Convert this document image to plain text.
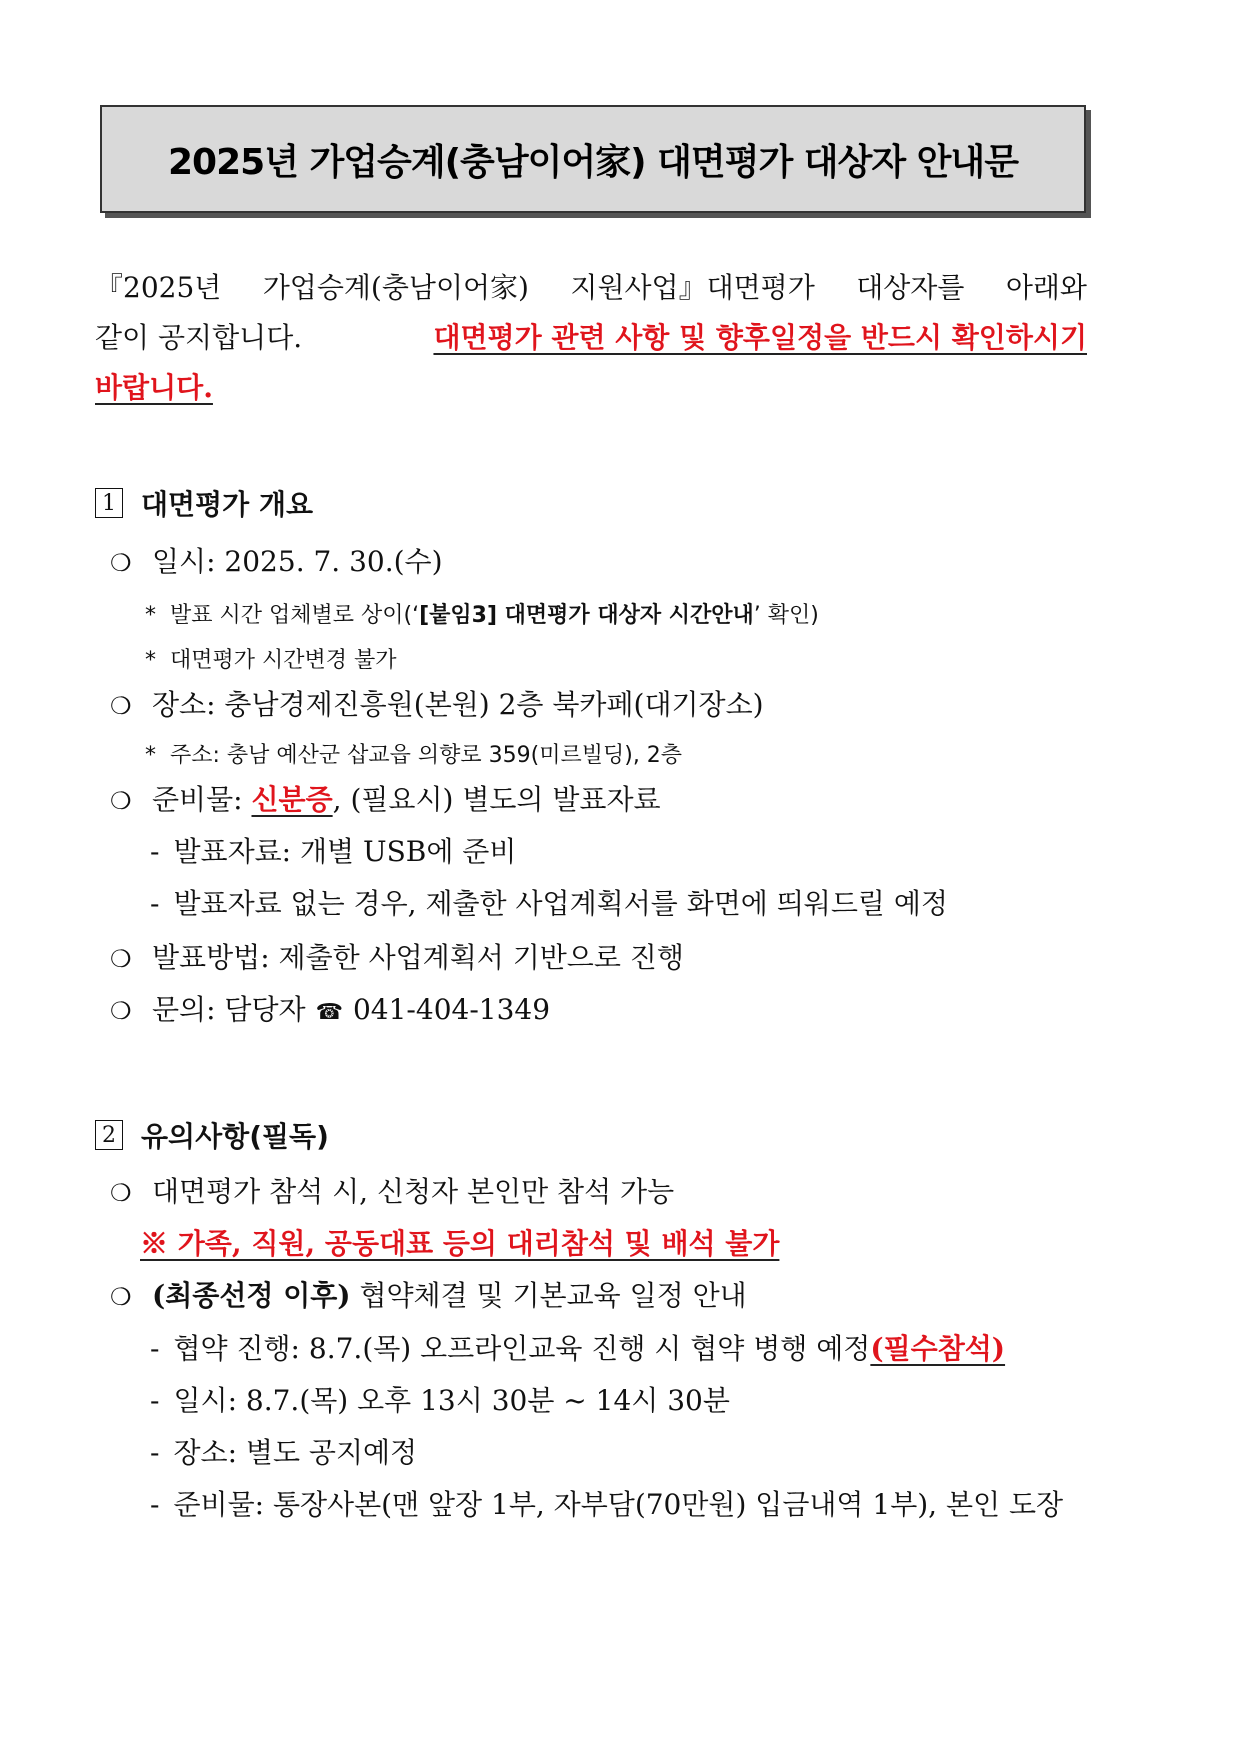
2025년 가업승계(충남이어家) 대면평가 대상자 안내문
『2025년 가업승계(충남이어家) 지원사업』대면평가 대상자를 아래와
같이 공지합니다.	대면평가 관련 사항 및 향후일정을 반드시 확인하시기
바랍니다.
1 대면평가 개요
❍ 일시: 2025. 7. 30.(수)
* 발표 시간 업체별로 상이(‘[붙임3] 대면평가 대상자 시간안내’ 확인)
* 대면평가 시간변경 불가
❍ 장소: 충남경제진흥원(본원) 2층 북카페(대기장소)
* 주소: 충남 예산군 삽교읍 의향로 359(미르빌딩), 2층
❍ 준비물: 신분증, (필요시) 별도의 발표자료
- 발표자료: 개별 USB에 준비
- 발표자료 없는 경우, 제출한 사업계획서를 화면에 띄워드릴 예정
❍ 발표방법: 제출한 사업계획서 기반으로 진행
❍ 문의: 담당자 ☎ 041-404-1349
2 유의사항(필독)
❍ 대면평가 참석 시, 신청자 본인만 참석 가능
※ 가족, 직원, 공동대표 등의 대리참석 및 배석 불가
❍ (최종선정 이후) 협약체결 및 기본교육 일정 안내
- 협약 진행: 8.7.(목) 오프라인교육 진행 시 협약 병행 예정(필수참석)
- 일시: 8.7.(목) 오후 13시 30분 ~ 14시 30분
- 장소: 별도 공지예정
- 준비물: 통장사본(맨 앞장 1부, 자부담(70만원) 입금내역 1부), 본인 도장
